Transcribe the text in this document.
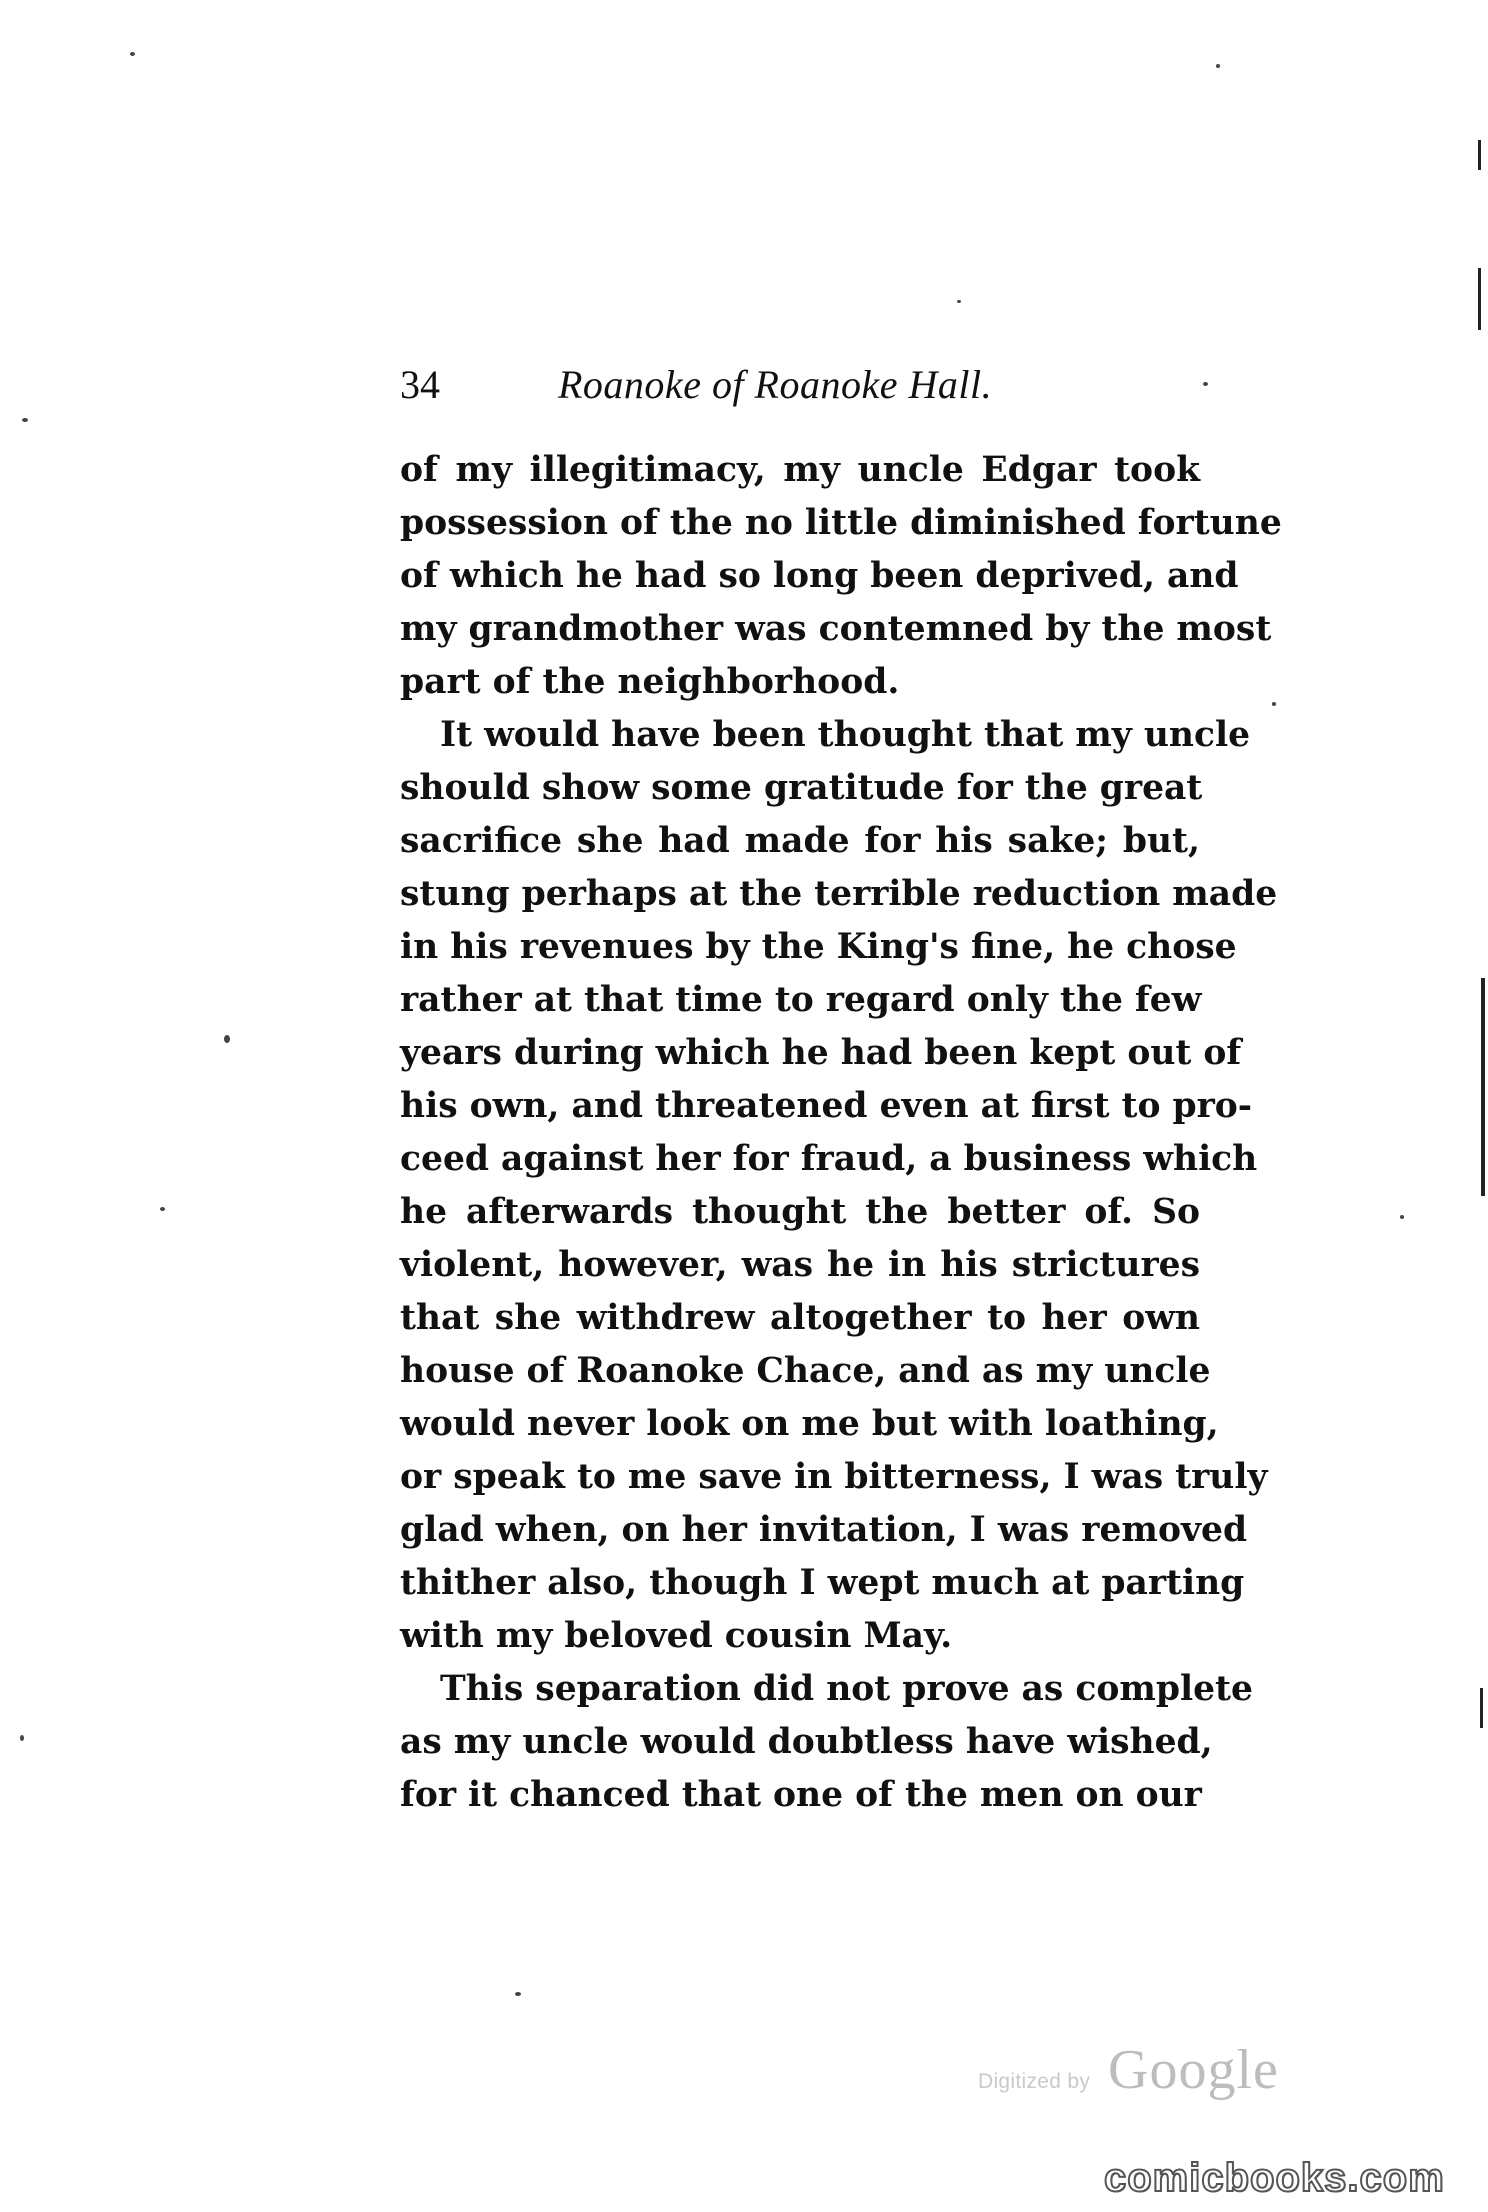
34	Roanoke of Roanoke Hall.
of my illegitimacy, my uncle Edgar took
possession of the no little diminished fortune
of which he had so long been deprived, and
my grandmother was contemned by the most
part of the neighborhood.
It would have been thought that my uncle
should show some gratitude for the great
sacrifice she had made for his sake; but,
stung perhaps at the terrible reduction made
in his revenues by the King's fine, he chose
rather at that time to regard only the few
years during which he had been kept out of
his own, and threatened even at first to pro-
ceed against her for fraud, a business which
he afterwards thought the better of. So
violent, however, was he in his strictures
that she withdrew altogether to her own
house of Roanoke Chace, and as my uncle
would never look on me but with loathing,
or speak to me save in bitterness, I was truly
glad when, on her invitation, I was removed
thither also, though I wept much at parting
with my beloved cousin May.
This separation did not prove as complete
as my uncle would doubtless have wished,
for it chanced that one of the men on our
Digitized by Google
comicbooks.com
